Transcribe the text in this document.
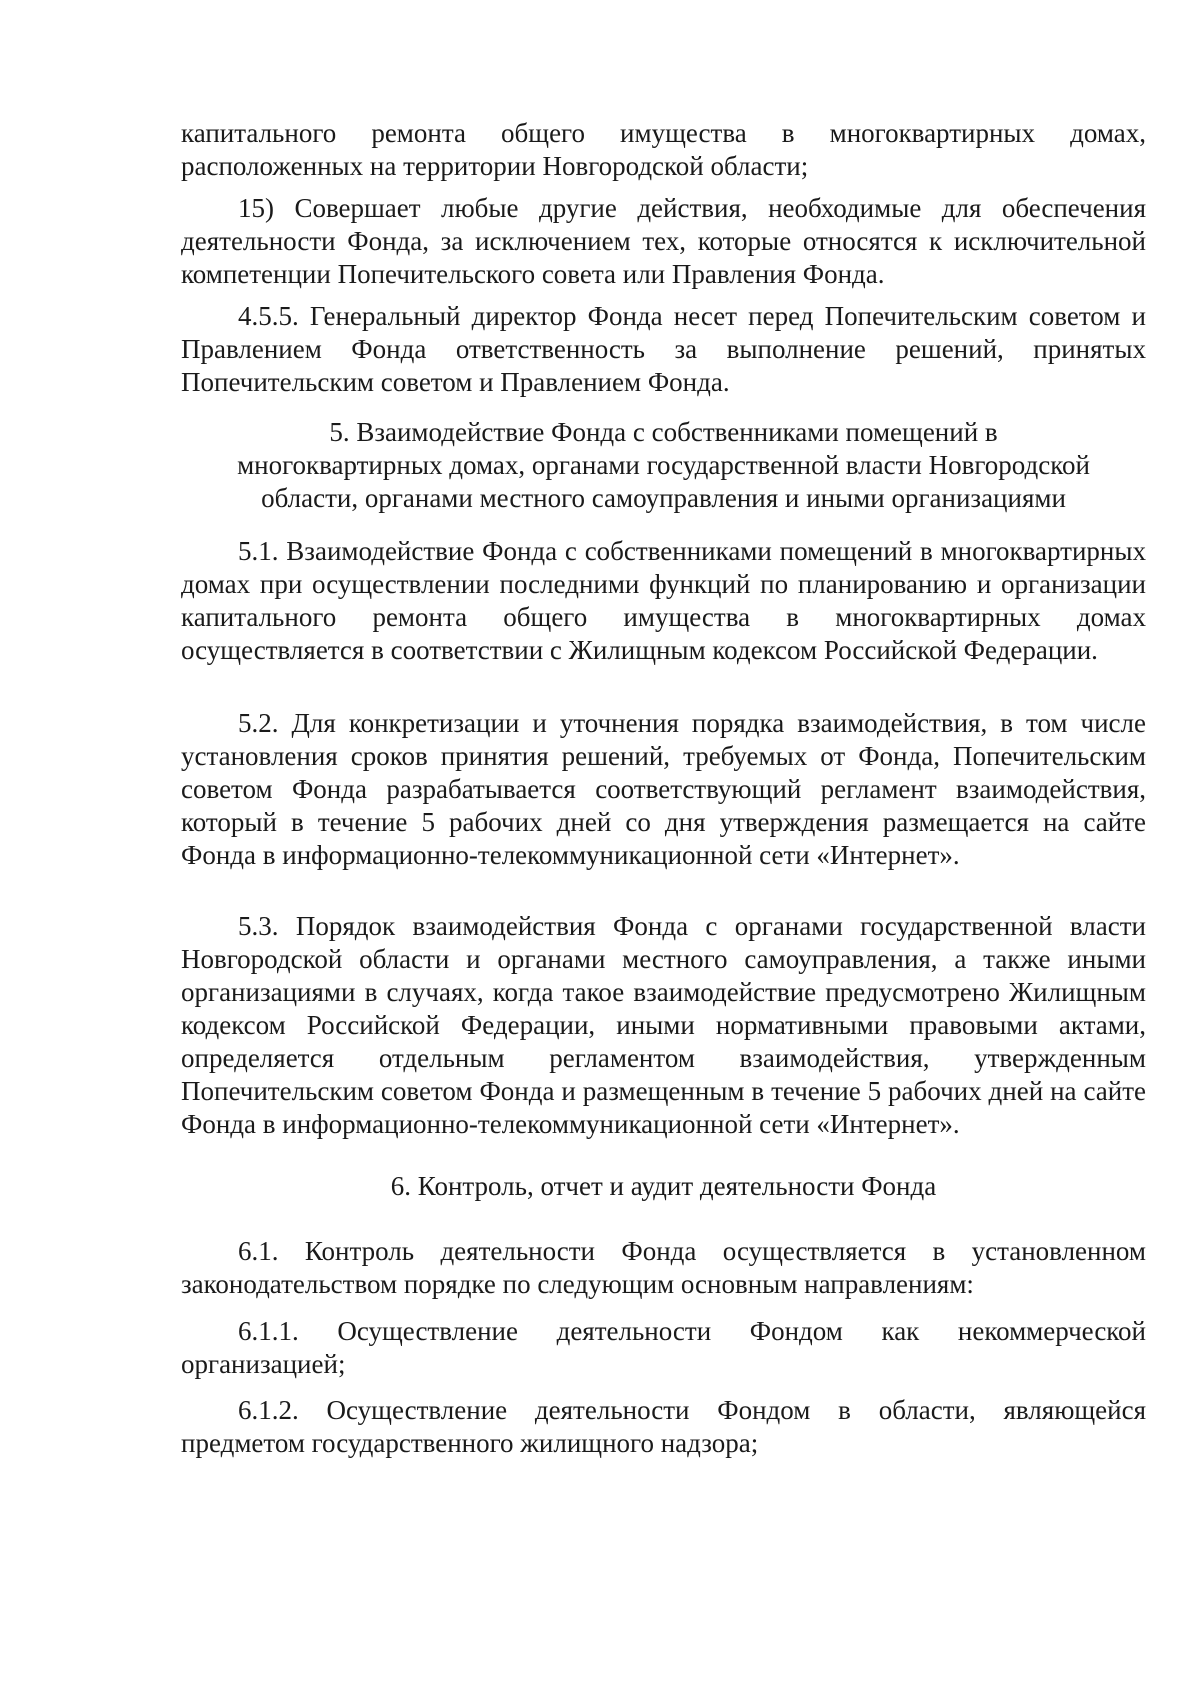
капитального ремонта общего имущества в многоквартирных домах, расположенных на территории Новгородской области;

15) Совершает любые другие действия, необходимые для обеспечения деятельности Фонда, за исключением тех, которые относятся к исключительной компетенции Попечительского совета или Правления Фонда.

4.5.5. Генеральный директор Фонда несет перед Попечительским советом и Правлением Фонда ответственность за выполнение решений, принятых Попечительским советом и Правлением Фонда.

5. Взаимодействие Фонда с собственниками помещений в
многоквартирных домах, органами государственной власти Новгородской
области, органами местного самоуправления и иными организациями

5.1. Взаимодействие Фонда с собственниками помещений в многоквартирных домах при осуществлении последними функций по планированию и организации капитального ремонта общего имущества в многоквартирных домах осуществляется в соответствии с Жилищным кодексом Российской Федерации.

5.2. Для конкретизации и уточнения порядка взаимодействия, в том числе установления сроков принятия решений, требуемых от Фонда, Попечительским советом Фонда разрабатывается соответствующий регламент взаимодействия, который в течение 5 рабочих дней со дня утверждения размещается на сайте Фонда в информационно-телекоммуникационной сети «Интернет».

5.3. Порядок взаимодействия Фонда с органами государственной власти Новгородской области и органами местного самоуправления, а также иными организациями в случаях, когда такое взаимодействие предусмотрено Жилищным кодексом Российской Федерации, иными нормативными правовыми актами, определяется отдельным регламентом взаимодействия, утвержденным Попечительским советом Фонда и размещенным в течение 5 рабочих дней на сайте Фонда в информационно-телекоммуникационной сети «Интернет».

6. Контроль, отчет и аудит деятельности Фонда

6.1. Контроль деятельности Фонда осуществляется в установленном законодательством порядке по следующим основным направлениям:

6.1.1. Осуществление деятельности Фондом как некоммерческой организацией;

6.1.2. Осуществление деятельности Фондом в области, являющейся предметом государственного жилищного надзора;
